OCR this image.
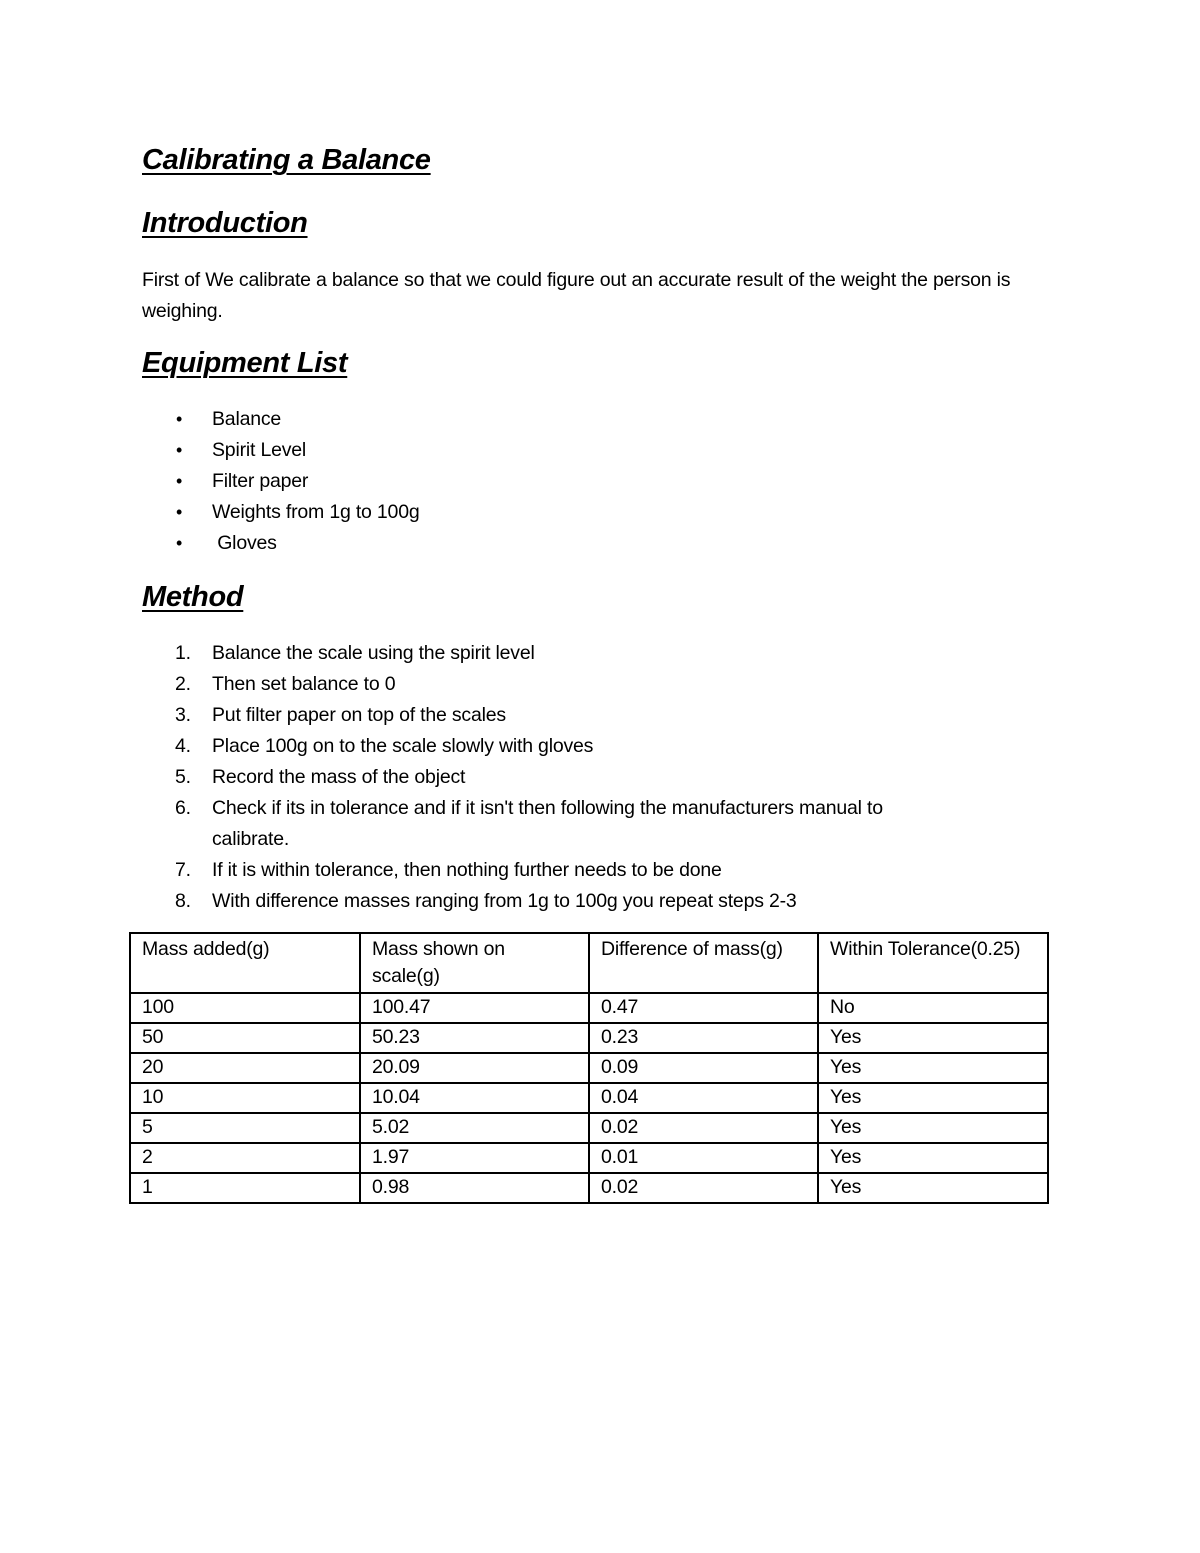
Calibrating a Balance
Introduction

First of We calibrate a balance so that we could figure out an accurate result of the weight the person is weighing.

Equipment List
• Balance
• Spirit Level
• Filter paper
• Weights from 1g to 100g
• Gloves
Method
1.	Balance the scale using the spirit level
2.	Then set balance to 0
3.	Put filter paper on top of the scales
4.	Place 100g on to the scale slowly with gloves
5.	Record the mass of the object
6.	Check if its in tolerance and if it isn't then following the manufacturers manual to calibrate.
7.	If it is within tolerance, then nothing further needs to be done
8.	With difference masses ranging from 1g to 100g you repeat steps 2-3
Mass added(g)	Mass shown on scale(g)	Difference of mass(g)	Within Tolerance(0.25)
100	100.47	0.47	No
50	50.23	0.23	Yes
20	20.09	0.09	Yes
10	10.04	0.04	Yes
5	5.02	0.02	Yes
2	1.97	0.01	Yes
1	0.98	0.02	Yes
